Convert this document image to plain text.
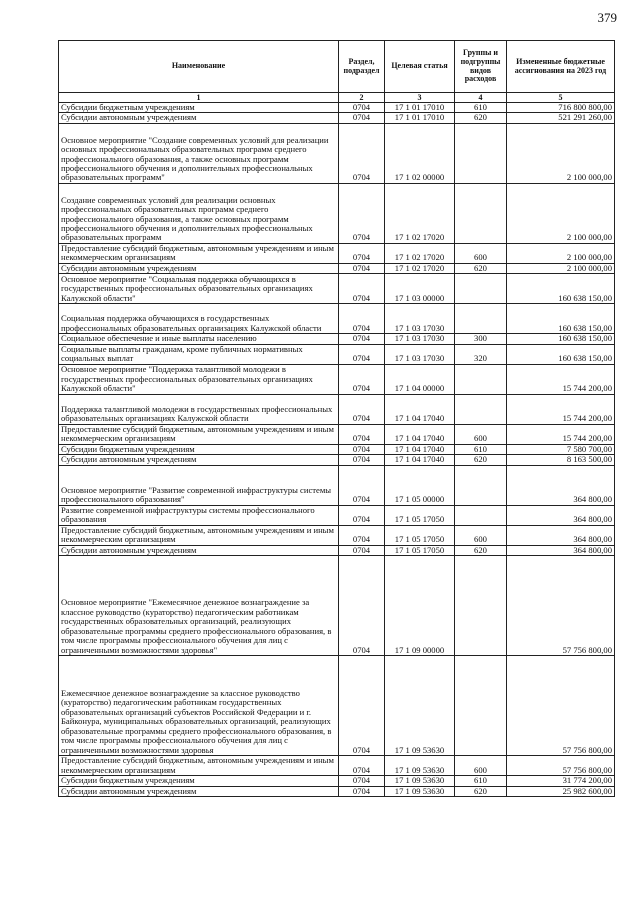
379
Наименование	Раздел, подраздел	Целевая статья	Группы и подгруппы видов расходов	Измененные бюджетные ассигнования на 2023 год
1	2	3	4	5
Субсидии бюджетным учреждениям	0704	17 1 01 17010	610	716 800 800,00
Субсидии автономным учреждениям	0704	17 1 01 17010	620	521 291 260,00
Основное мероприятие "Создание современных условий для реализации основных профессиональных образовательных программ среднего профессионального образования, а также основных программ профессионального обучения и дополнительных профессиональных образовательных программ"	0704	17 1 02 00000		2 100 000,00
Создание современных условий для реализации основных профессиональных образовательных программ среднего профессионального образования, а также основных программ профессионального обучения и дополнительных профессиональных образовательных программ	0704	17 1 02 17020		2 100 000,00
Предоставление субсидий бюджетным, автономным учреждениям и иным некоммерческим организациям	0704	17 1 02 17020	600	2 100 000,00
Субсидии автономным учреждениям	0704	17 1 02 17020	620	2 100 000,00
Основное мероприятие "Социальная поддержка обучающихся в государственных профессиональных образовательных организациях Калужской области"	0704	17 1 03 00000		160 638 150,00
Социальная поддержка обучающихся в государственных профессиональных образовательных организациях Калужской области	0704	17 1 03 17030		160 638 150,00
Социальное обеспечение и иные выплаты населению	0704	17 1 03 17030	300	160 638 150,00
Социальные выплаты гражданам, кроме публичных нормативных социальных выплат	0704	17 1 03 17030	320	160 638 150,00
Основное мероприятие "Поддержка талантливой молодежи в государственных профессиональных образовательных организациях Калужской области"	0704	17 1 04 00000		15 744 200,00
Поддержка талантливой молодежи в государственных профессиональных образовательных организациях Калужской области	0704	17 1 04 17040		15 744 200,00
Предоставление субсидий бюджетным, автономным учреждениям и иным некоммерческим организациям	0704	17 1 04 17040	600	15 744 200,00
Субсидии бюджетным учреждениям	0704	17 1 04 17040	610	7 580 700,00
Субсидии автономным учреждениям	0704	17 1 04 17040	620	8 163 500,00
Основное мероприятие "Развитие современной инфраструктуры системы профессионального образования"	0704	17 1 05 00000		364 800,00
Развитие современной инфраструктуры системы профессионального образования	0704	17 1 05 17050		364 800,00
Предоставление субсидий бюджетным, автономным учреждениям и иным некоммерческим организациям	0704	17 1 05 17050	600	364 800,00
Субсидии автономным учреждениям	0704	17 1 05 17050	620	364 800,00
Основное мероприятие "Ежемесячное денежное вознаграждение за классное руководство (кураторство) педагогическим работникам государственных образовательных организаций, реализующих образовательные программы среднего профессионального образования, в том числе программы профессионального обучения для лиц с ограниченными возможностями здоровья"	0704	17 1 09 00000		57 756 800,00
Ежемесячное денежное вознаграждение за классное руководство (кураторство) педагогическим работникам государственных образовательных организаций субъектов Российской Федерации и г. Байконура, муниципальных образовательных организаций, реализующих образовательные программы среднего профессионального образования, в том числе программы профессионального обучения для лиц с ограниченными возможностями здоровья	0704	17 1 09 53630		57 756 800,00
Предоставление субсидий бюджетным, автономным учреждениям и иным некоммерческим организациям	0704	17 1 09 53630	600	57 756 800,00
Субсидии бюджетным учреждениям	0704	17 1 09 53630	610	31 774 200,00
Субсидии автономным учреждениям	0704	17 1 09 53630	620	25 982 600,00
